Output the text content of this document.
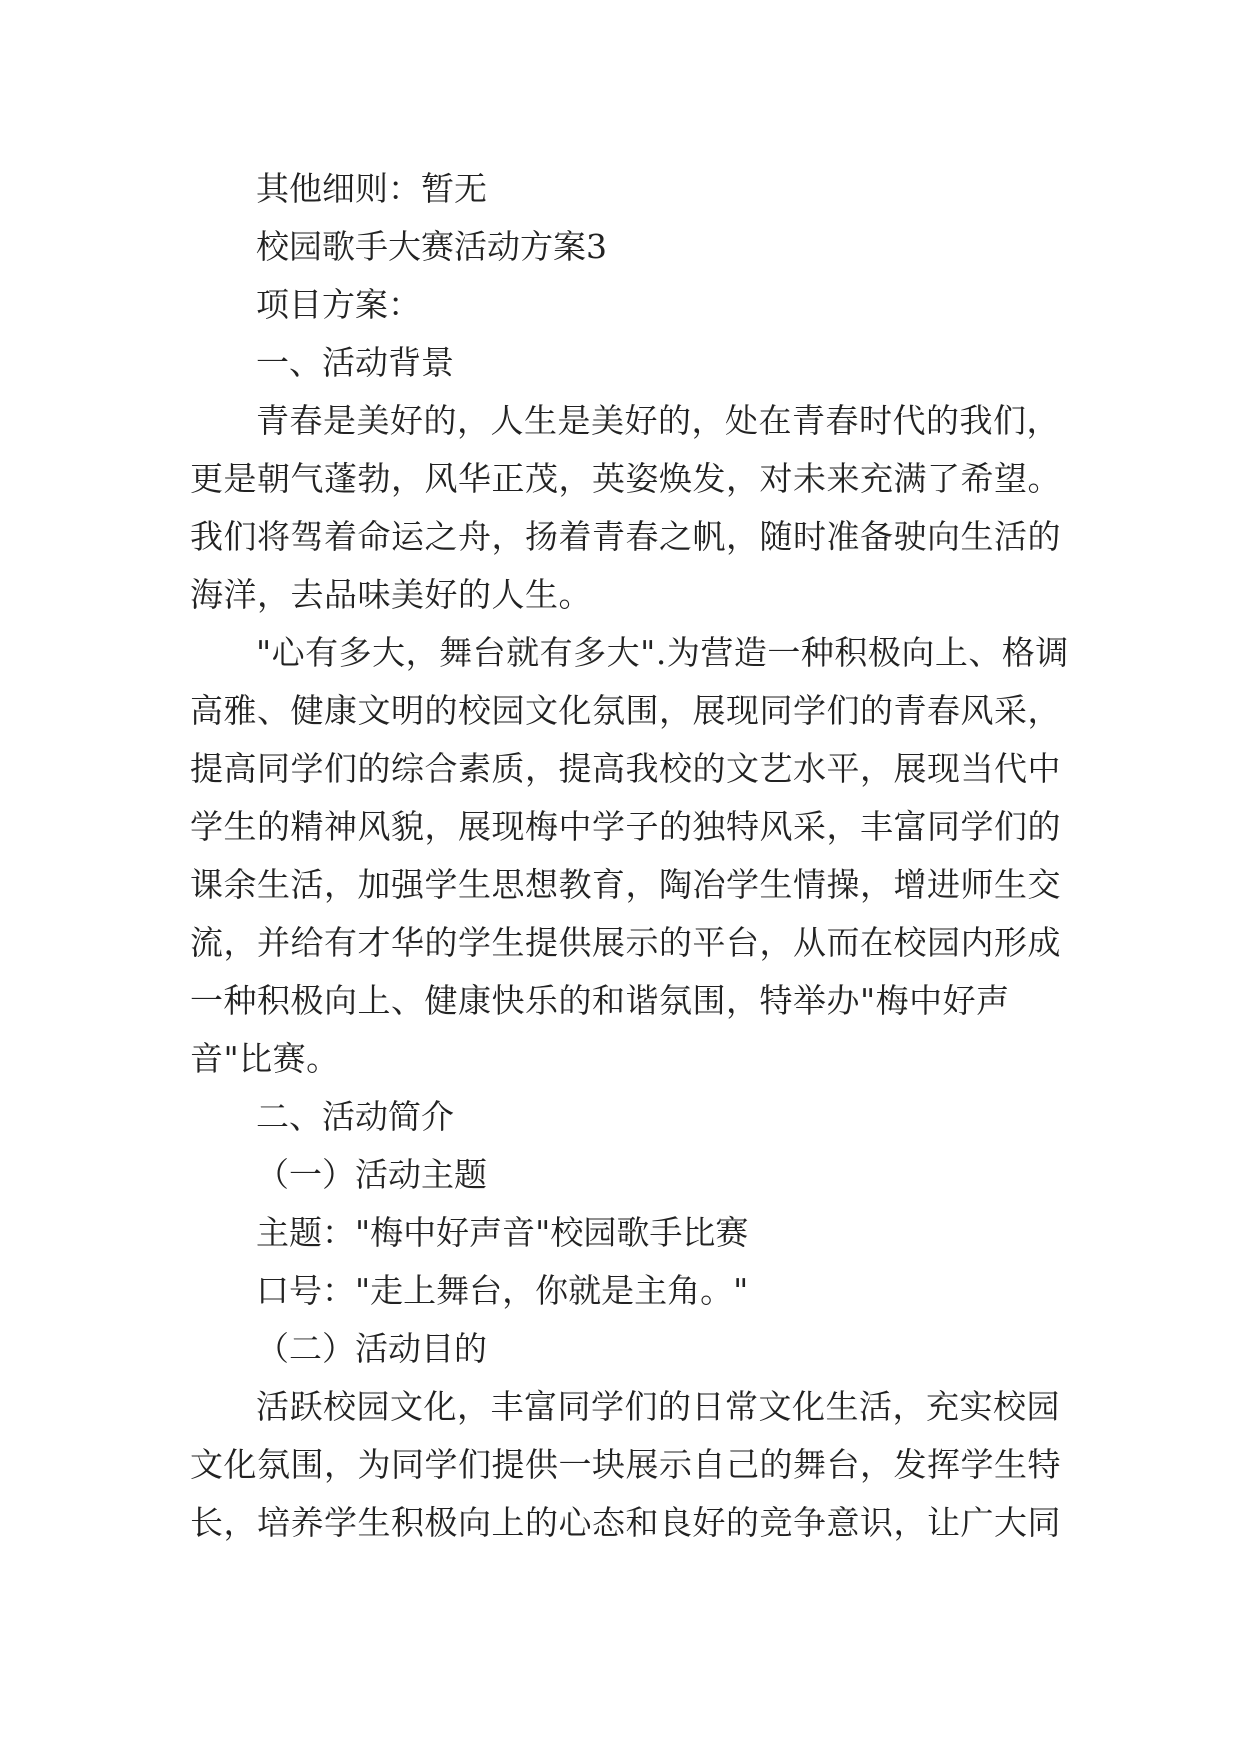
其他细则：暂无
校园歌手大赛活动方案3
项目方案：
一、活动背景
青春是美好的，人生是美好的，处在青春时代的我们，更是朝气蓬勃，风华正茂，英姿焕发，对未来充满了希望。我们将驾着命运之舟，扬着青春之帆，随时准备驶向生活的海洋，去品味美好的人生。
"心有多大，舞台就有多大".为营造一种积极向上、格调高雅、健康文明的校园文化氛围，展现同学们的青春风采，提高同学们的综合素质，提高我校的文艺水平，展现当代中学生的精神风貌，展现梅中学子的独特风采，丰富同学们的课余生活，加强学生思想教育，陶冶学生情操，增进师生交流，并给有才华的学生提供展示的平台，从而在校园内形成一种积极向上、健康快乐的和谐氛围，特举办"梅中好声音"比赛。
二、活动简介
（一）活动主题
主题："梅中好声音"校园歌手比赛
口号："走上舞台，你就是主角。"
（二）活动目的
活跃校园文化，丰富同学们的日常文化生活，充实校园文化氛围，为同学们提供一块展示自己的舞台，发挥学生特长，培养学生积极向上的心态和良好的竞争意识，让广大同
